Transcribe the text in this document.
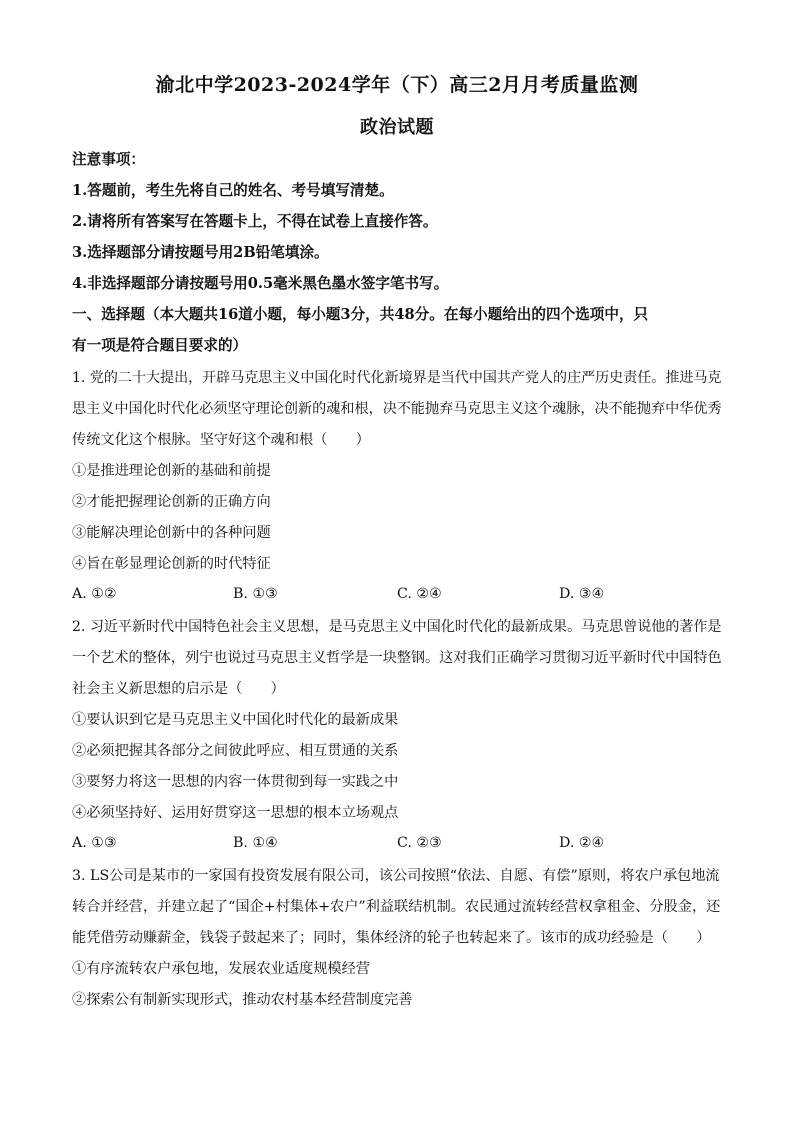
渝北中学2023-2024学年（下）高三2月月考质量监测
政治试题
注意事项：
1.答题前，考生先将自己的姓名、考号填写清楚。
2.请将所有答案写在答题卡上，不得在试卷上直接作答。
3.选择题部分请按题号用2B铅笔填涂。
4.非选择题部分请按题号用0.5毫米黑色墨水签字笔书写。
一、选择题（本大题共16道小题，每小题3分，共48分。在每小题给出的四个选项中，只
有一项是符合题目要求的）
1. 党的二十大提出，开辟马克思主义中国化时代化新境界是当代中国共产党人的庄严历史责任。推进马克
思主义中国化时代化必须坚守理论创新的魂和根，决不能抛弃马克思主义这个魂脉，决不能抛弃中华优秀
传统文化这个根脉。坚守好这个魂和根（　　）
①是推进理论创新的基础和前提
②才能把握理论创新的正确方向
③能解决理论创新中的各种问题
④旨在彰显理论创新的时代特征
A. ①②	B. ①③	C. ②④	D. ③④
2. 习近平新时代中国特色社会主义思想，是马克思主义中国化时代化的最新成果。马克思曾说他的著作是
一个艺术的整体，列宁也说过马克思主义哲学是一块整钢。这对我们正确学习贯彻习近平新时代中国特色
社会主义新思想的启示是（　　）
①要认识到它是马克思主义中国化时代化的最新成果
②必须把握其各部分之间彼此呼应、相互贯通的关系
③要努力将这一思想的内容一体贯彻到每一实践之中
④必须坚持好、运用好贯穿这一思想的根本立场观点
A. ①③	B. ①④	C. ②③	D. ②④
3. LS公司是某市的一家国有投资发展有限公司，该公司按照“依法、自愿、有偿”原则，将农户承包地流
转合并经营，并建立起了“国企+村集体+农户”利益联结机制。农民通过流转经营权拿租金、分股金，还
能凭借劳动赚薪金，钱袋子鼓起来了；同时，集体经济的轮子也转起来了。该市的成功经验是（　　）
①有序流转农户承包地，发展农业适度规模经营
②探索公有制新实现形式，推动农村基本经营制度完善
